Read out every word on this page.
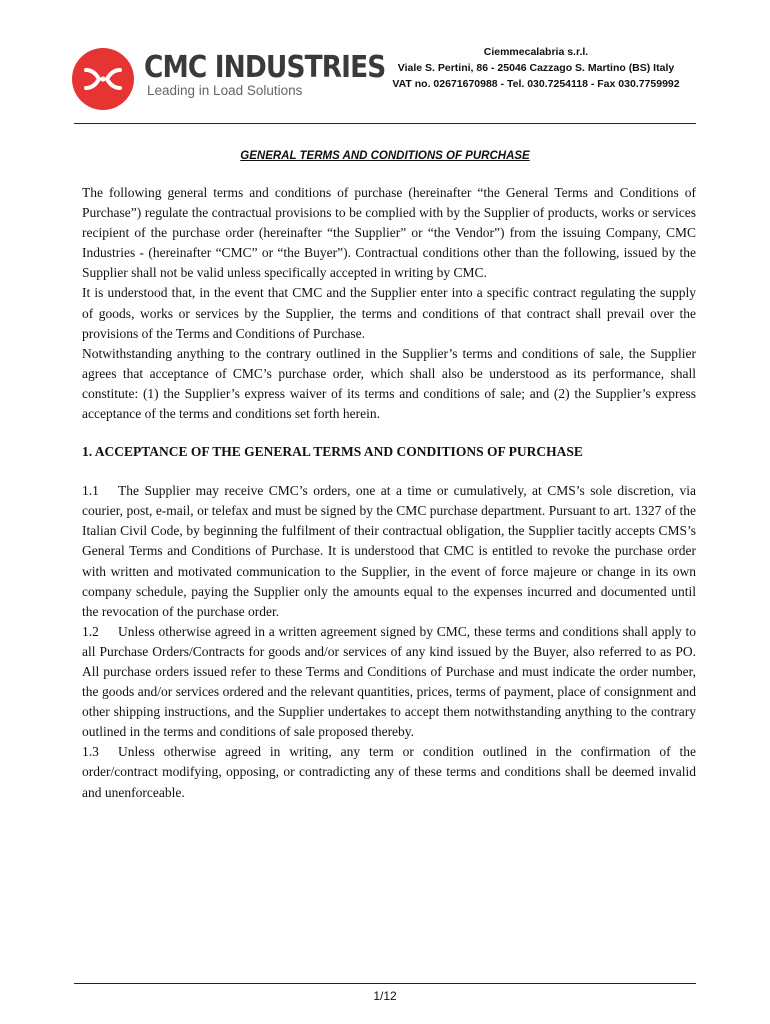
CMC INDUSTRIES
Leading in Load Solutions
Ciemmecalabria s.r.l.
Viale S. Pertini, 86 - 25046 Cazzago S. Martino (BS) Italy
VAT no. 02671670988 - Tel. 030.7254118 - Fax 030.7759992
GENERAL TERMS AND CONDITIONS OF PURCHASE

The following general terms and conditions of purchase (hereinafter “the General Terms and Conditions of Purchase”) regulate the contractual provisions to be complied with by the Supplier of products, works or services recipient of the purchase order (hereinafter “the Supplier” or “the Vendor”) from the issuing Company, CMC Industries - (hereinafter “CMC” or “the Buyer”). Contractual conditions other than the following, issued by the Supplier shall not be valid unless specifically accepted in writing by CMC.

It is understood that, in the event that CMC and the Supplier enter into a specific contract regulating the supply of goods, works or services by the Supplier, the terms and conditions of that contract shall prevail over the provisions of the Terms and Conditions of Purchase.

Notwithstanding anything to the contrary outlined in the Supplier’s terms and conditions of sale, the Supplier agrees that acceptance of CMC’s purchase order, which shall also be understood as its performance, shall constitute: (1) the Supplier’s express waiver of its terms and conditions of sale; and (2) the Supplier’s express acceptance of the terms and conditions set forth herein.

1. ACCEPTANCE OF THE GENERAL TERMS AND CONDITIONS OF PURCHASE

1.1 The Supplier may receive CMC’s orders, one at a time or cumulatively, at CMS’s sole discretion, via courier, post, e-mail, or telefax and must be signed by the CMC purchase department. Pursuant to art. 1327 of the Italian Civil Code, by beginning the fulfilment of their contractual obligation, the Supplier tacitly accepts CMS’s General Terms and Conditions of Purchase. It is understood that CMC is entitled to revoke the purchase order with written and motivated communication to the Supplier, in the event of force majeure or change in its own company schedule, paying the Supplier only the amounts equal to the expenses incurred and documented until the revocation of the purchase order.

1.2 Unless otherwise agreed in a written agreement signed by CMC, these terms and conditions shall apply to all Purchase Orders/Contracts for goods and/or services of any kind issued by the Buyer, also referred to as PO. All purchase orders issued refer to these Terms and Conditions of Purchase and must indicate the order number, the goods and/or services ordered and the relevant quantities, prices, terms of payment, place of consignment and other shipping instructions, and the Supplier undertakes to accept them notwithstanding anything to the contrary outlined in the terms and conditions of sale proposed thereby.

1.3 Unless otherwise agreed in writing, any term or condition outlined in the confirmation of the order/contract modifying, opposing, or contradicting any of these terms and conditions shall be deemed invalid and unenforceable.

1/12
